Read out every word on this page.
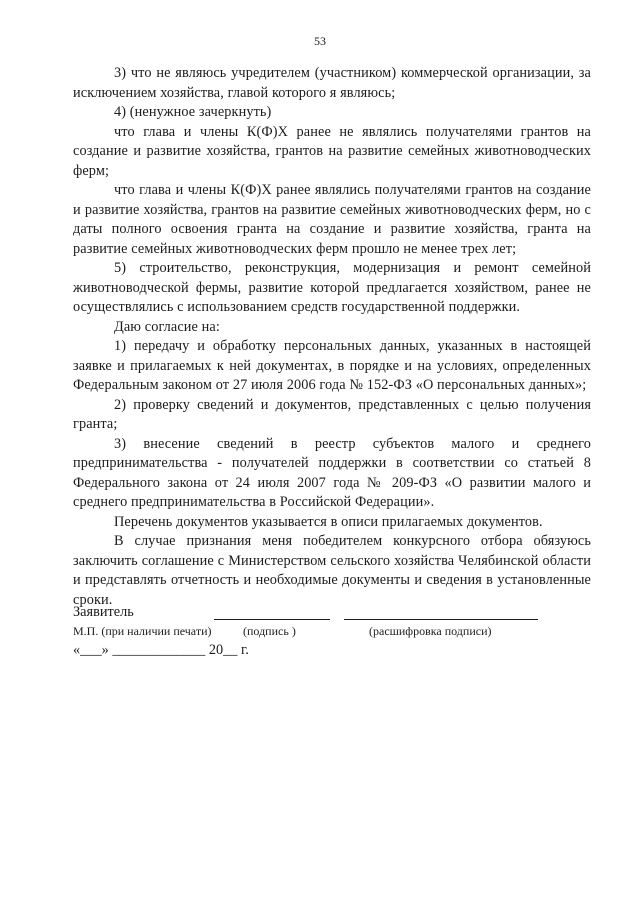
53

3) что не являюсь учредителем (участником) коммерческой организации, за исключением хозяйства, главой которого я являюсь;

4) (ненужное зачеркнуть)

что глава и члены К(Ф)Х ранее не являлись получателями грантов на создание и развитие хозяйства, грантов на развитие семейных животноводческих ферм;

что глава и члены К(Ф)Х ранее являлись получателями грантов на создание и развитие хозяйства, грантов на развитие семейных животноводческих ферм, но с даты полного освоения гранта на создание и развитие хозяйства, гранта на развитие семейных животноводческих ферм прошло не менее трех лет;

5) строительство, реконструкция, модернизация и ремонт семейной животноводческой фермы, развитие которой предлагается хозяйством, ранее не осуществлялись с использованием средств государственной поддержки.

Даю согласие на:

1) передачу и обработку персональных данных, указанных в настоящей заявке и прилагаемых к ней документах, в порядке и на условиях, определенных Федеральным законом от 27 июля 2006 года № 152-ФЗ «О персональных данных»;

2) проверку сведений и документов, представленных с целью получения гранта;

3) внесение сведений в реестр субъектов малого и среднего предпринимательства - получателей поддержки в соответствии со статьей 8 Федерального закона от 24 июля 2007 года № 209-ФЗ «О развитии малого и среднего предпринимательства в Российской Федерации».

Перечень документов указывается в описи прилагаемых документов.

В случае признания меня победителем конкурсного отбора обязуюсь заключить соглашение с Министерством сельского хозяйства Челябинской области и представлять отчетность и необходимые документы и сведения в установленные сроки.

Заявитель
М.П. (при наличии печати)	(подпись )	(расшифровка подписи)
«___» _____________ 20__ г.
